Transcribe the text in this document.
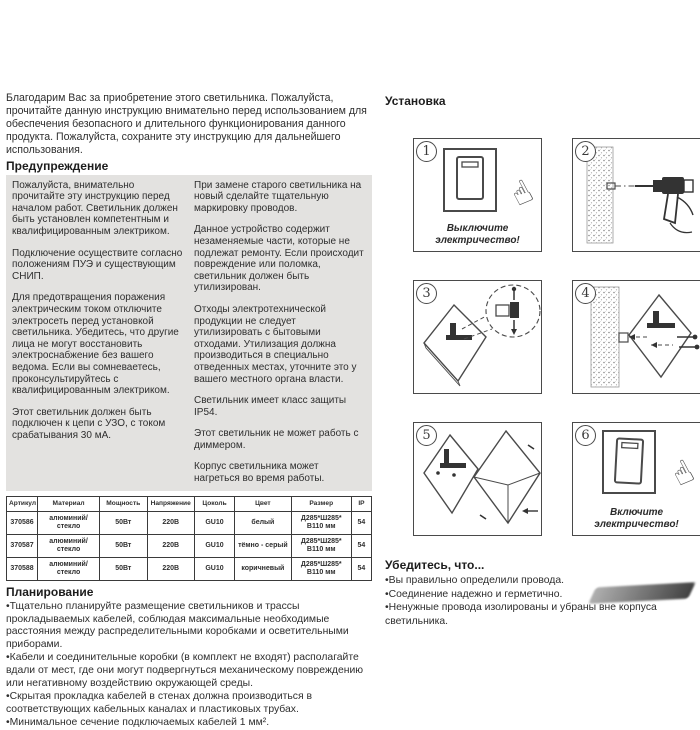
Благодарим Вас за приобретение этого светильника. Пожалуйста, прочитайте данную инструкцию внимательно перед использованием для обеспечения безопасного и длительного функционирования данного продукта. Пожалуйста, сохраните эту инструкцию для дальнейшего использования.

Предупреждение

Пожалуйста, внимательно прочитайте эту инструкцию перед началом работ. Светильник должен быть установлен компетентным и квалифицированным электриком.

Подключение осуществите согласно положениям ПУЭ и существующим СНИП.

Для предотвращения поражения электрическим током отключите электросеть перед установкой светильника. Убедитесь, что другие лица не могут восстановить электроснабжение без вашего ведома. Если вы сомневаетесь, проконсультируйтесь с квалифицированным электриком.

Этот светильник должен быть подключен к цепи с УЗО, с током срабатывания 30 мА.

При замене старого светильника на новый сделайте тщательную маркировку проводов.

Данное устройство содержит незаменяемые части, которые не подлежат ремонту. Если происходит повреждение или поломка, светильник должен быть утилизирован.

Отходы электротехнической продукции не следует утилизировать с бытовыми отходами. Утилизация должна производиться в специально отведенных местах, уточните это у вашего местного органа власти.

Светильник имеет класс защиты IP54.

Этот светильник не может работь с диммером.

Корпус светильника может нагреться во время работы.

Артикул	Материал	Мощность	Напряжение	Цоколь	Цвет	Размер	IP
370586	алюминий/ стекло	50Вт	220В	GU10	белый	Д285*Ш285* В110 мм	54
370587	алюминий/ стекло	50Вт	220В	GU10	тёмно - серый	Д285*Ш285* В110 мм	54
370588	алюминий/ стекло	50Вт	220В	GU10	коричневый	Д285*Ш285* В110 мм	54
Планирование

•Тщательно планируйте размещение светильников и трассы прокладываемых кабелей, соблюдая максимальные необходимые расстояния между распределительными коробками и осветительными приборами.

•Кабели и соединительные коробки (в комплект не входят) располагайте вдали от мест, где они могут подвергнуться механическому повреждению или негативному воздействию окружающей среды.

•Скрытая прокладка кабелей в стенах должна производиться в соответствующих кабельных каналах и пластиковых трубах.

•Минимальное сечение подключаемых кабелей 1 мм².

Установка
1
☝
Выключите электричество!
2
3	4
5	6
☝
Включите электричество!
Убедитесь, что...

•Вы правильно определили провода.

•Соединение надежно и герметично.

•Ненужные провода изолированы и убраны вне корпуса светильника.
